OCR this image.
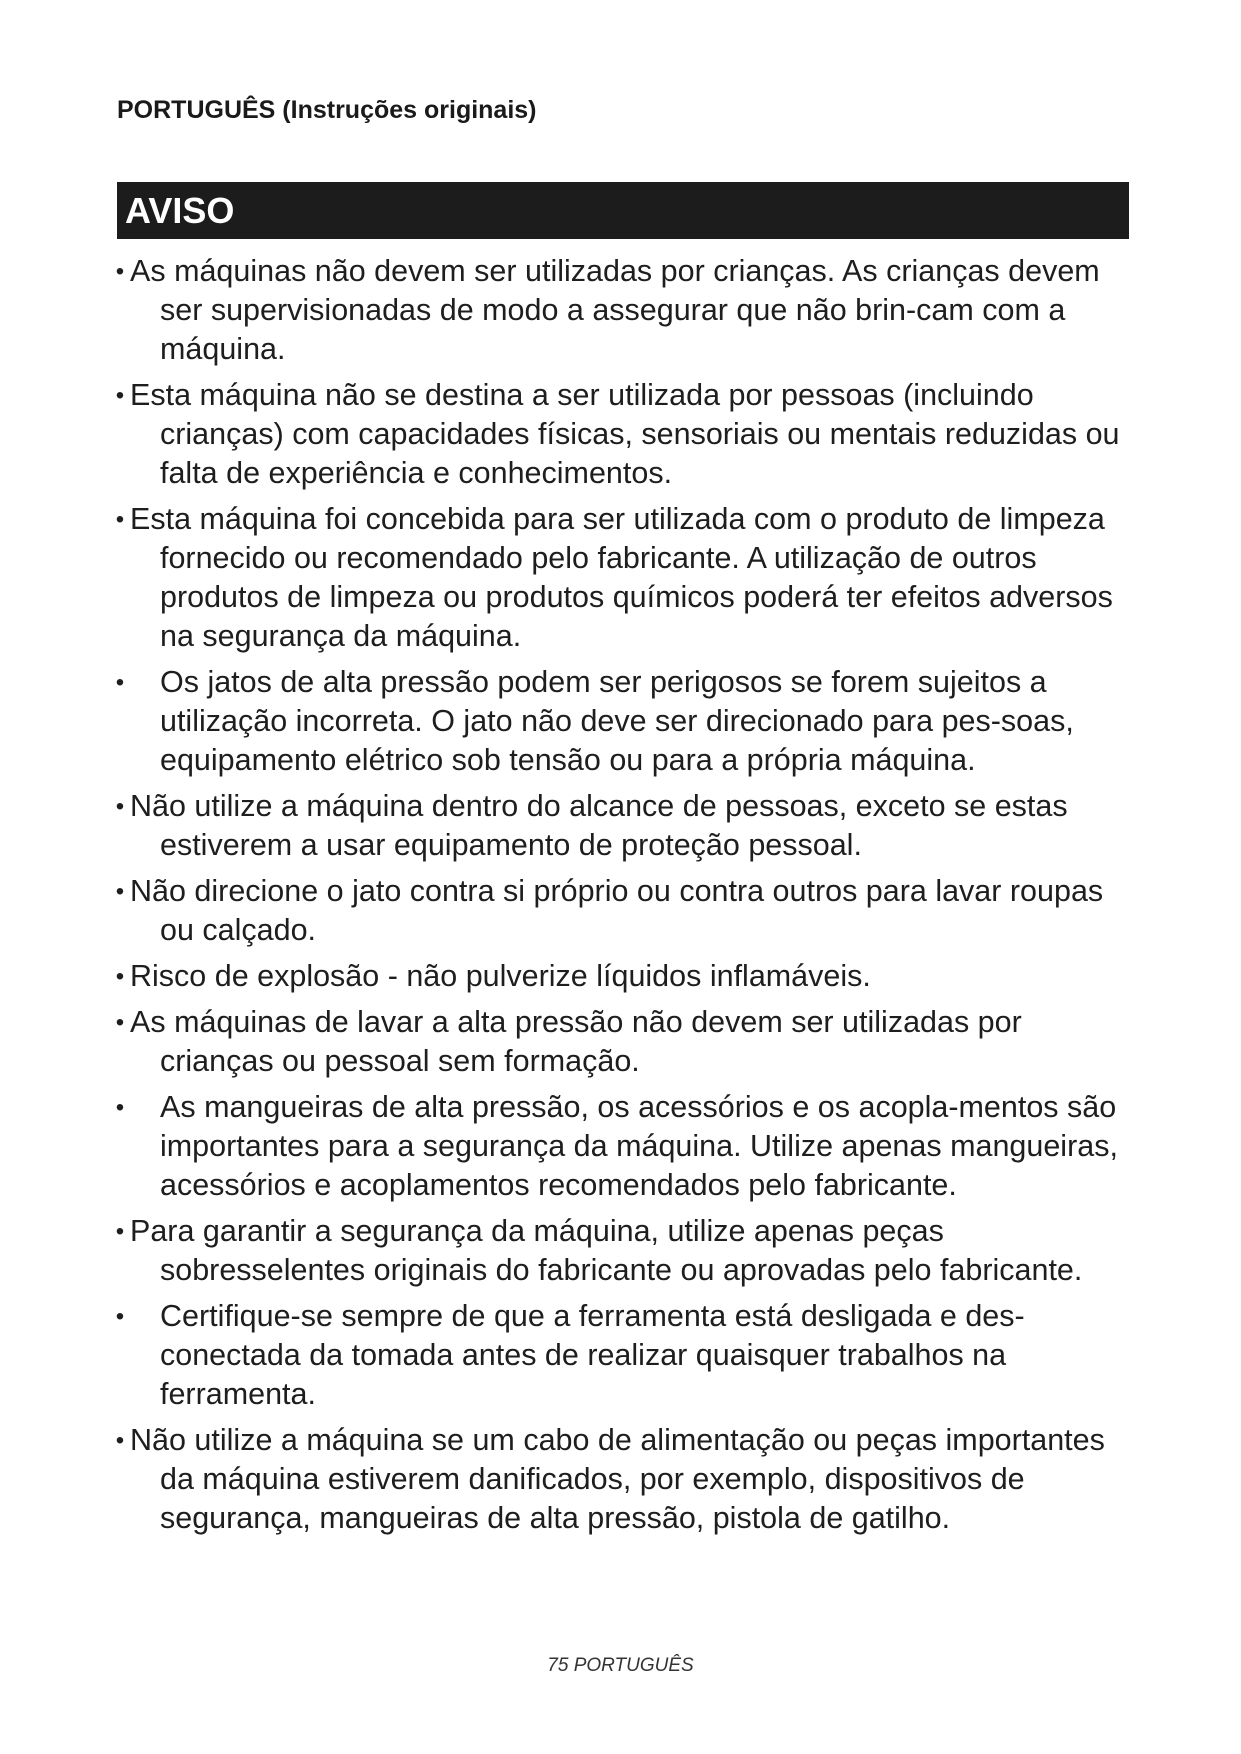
PORTUGUÊS (Instruções originais)
AVISO
• As máquinas não devem ser utilizadas por crianças. As crianças devem ser supervisionadas de modo a assegurar que não brin-cam com a máquina.
• Esta máquina não se destina a ser utilizada por pessoas (incluindo crianças) com capacidades físicas, sensoriais ou mentais reduzidas ou falta de experiência e conhecimentos.
• Esta máquina foi concebida para ser utilizada com o produto de limpeza fornecido ou recomendado pelo fabricante. A utilização de outros produtos de limpeza ou produtos químicos poderá ter efeitos adversos na segurança da máquina.
• Os jatos de alta pressão podem ser perigosos se forem sujeitos a utilização incorreta. O jato não deve ser direcionado para pes-soas, equipamento elétrico sob tensão ou para a própria máquina.
• Não utilize a máquina dentro do alcance de pessoas, exceto se estas estiverem a usar equipamento de proteção pessoal.
• Não direcione o jato contra si próprio ou contra outros para lavar roupas ou calçado.
• Risco de explosão - não pulverize líquidos inflamáveis.
• As máquinas de lavar a alta pressão não devem ser utilizadas por crianças ou pessoal sem formação.
• As mangueiras de alta pressão, os acessórios e os acopla-mentos são importantes para a segurança da máquina. Utilize apenas mangueiras, acessórios e acoplamentos recomendados pelo fabricante.
• Para garantir a segurança da máquina, utilize apenas peças sobresselentes originais do fabricante ou aprovadas pelo fabricante.
• Certifique-se sempre de que a ferramenta está desligada e des-conectada da tomada antes de realizar quaisquer trabalhos na ferramenta.
• Não utilize a máquina se um cabo de alimentação ou peças importantes da máquina estiverem danificados, por exemplo, dispositivos de segurança, mangueiras de alta pressão, pistola de gatilho.
75 PORTUGUÊS
